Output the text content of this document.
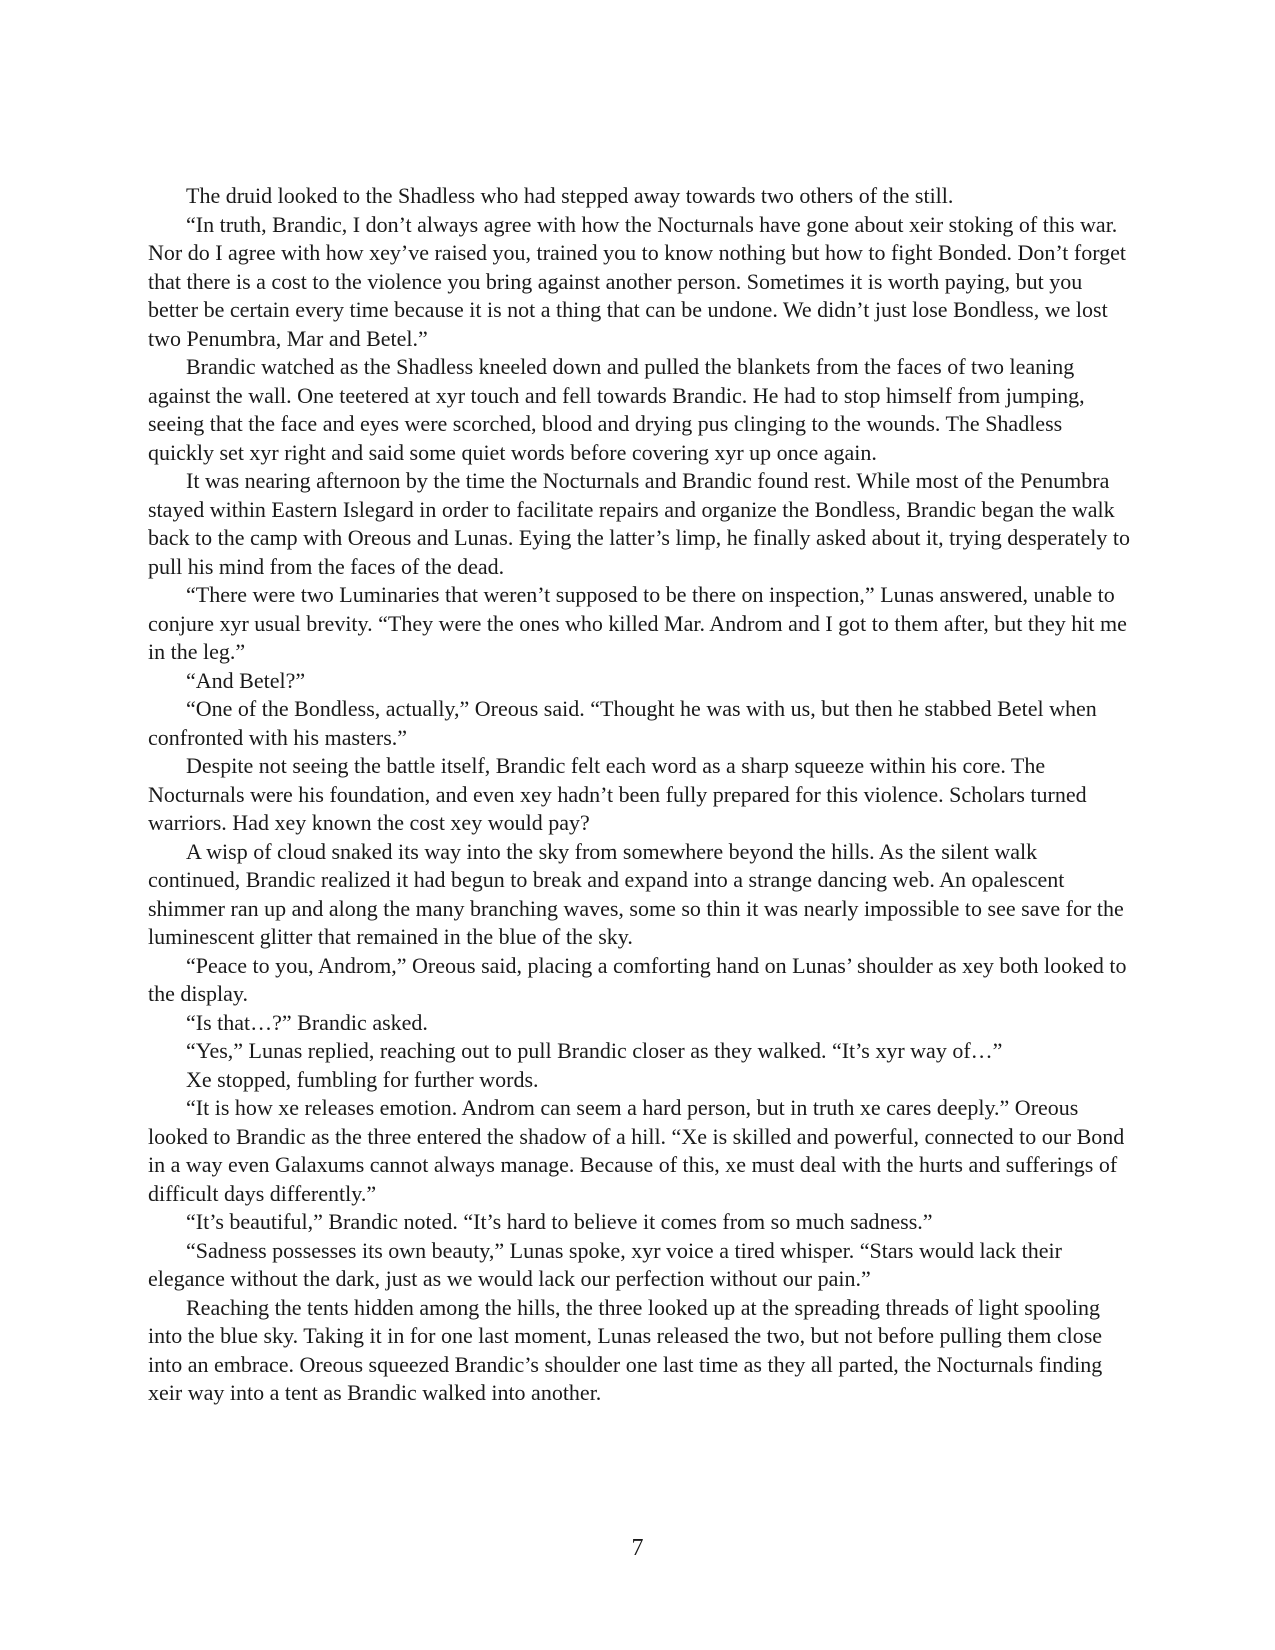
The druid looked to the Shadless who had stepped away towards two others of the still.

“In truth, Brandic, I don’t always agree with how the Nocturnals have gone about xeir stoking of this war. Nor do I agree with how xey’ve raised you, trained you to know nothing but how to fight Bonded. Don’t forget that there is a cost to the violence you bring against another person. Sometimes it is worth paying, but you better be certain every time because it is not a thing that can be undone. We didn’t just lose Bondless, we lost two Penumbra, Mar and Betel.”

Brandic watched as the Shadless kneeled down and pulled the blankets from the faces of two leaning against the wall. One teetered at xyr touch and fell towards Brandic. He had to stop himself from jumping, seeing that the face and eyes were scorched, blood and drying pus clinging to the wounds. The Shadless quickly set xyr right and said some quiet words before covering xyr up once again.

It was nearing afternoon by the time the Nocturnals and Brandic found rest. While most of the Penumbra stayed within Eastern Islegard in order to facilitate repairs and organize the Bondless, Brandic began the walk back to the camp with Oreous and Lunas. Eying the latter’s limp, he finally asked about it, trying desperately to pull his mind from the faces of the dead.

“There were two Luminaries that weren’t supposed to be there on inspection,” Lunas answered, unable to conjure xyr usual brevity. “They were the ones who killed Mar. Androm and I got to them after, but they hit me in the leg.”

“And Betel?”

“One of the Bondless, actually,” Oreous said. “Thought he was with us, but then he stabbed Betel when confronted with his masters.”

Despite not seeing the battle itself, Brandic felt each word as a sharp squeeze within his core. The Nocturnals were his foundation, and even xey hadn’t been fully prepared for this violence. Scholars turned warriors. Had xey known the cost xey would pay?

A wisp of cloud snaked its way into the sky from somewhere beyond the hills. As the silent walk continued, Brandic realized it had begun to break and expand into a strange dancing web. An opalescent shimmer ran up and along the many branching waves, some so thin it was nearly impossible to see save for the luminescent glitter that remained in the blue of the sky.

“Peace to you, Androm,” Oreous said, placing a comforting hand on Lunas’ shoulder as xey both looked to the display.

“Is that…?” Brandic asked.

“Yes,” Lunas replied, reaching out to pull Brandic closer as they walked. “It’s xyr way of…”

Xe stopped, fumbling for further words.

“It is how xe releases emotion. Androm can seem a hard person, but in truth xe cares deeply.” Oreous looked to Brandic as the three entered the shadow of a hill. “Xe is skilled and powerful, connected to our Bond in a way even Galaxums cannot always manage. Because of this, xe must deal with the hurts and sufferings of difficult days differently.”

“It’s beautiful,” Brandic noted. “It’s hard to believe it comes from so much sadness.”

“Sadness possesses its own beauty,” Lunas spoke, xyr voice a tired whisper. “Stars would lack their elegance without the dark, just as we would lack our perfection without our pain.”

Reaching the tents hidden among the hills, the three looked up at the spreading threads of light spooling into the blue sky. Taking it in for one last moment, Lunas released the two, but not before pulling them close into an embrace. Oreous squeezed Brandic’s shoulder one last time as they all parted, the Nocturnals finding xeir way into a tent as Brandic walked into another.

7
